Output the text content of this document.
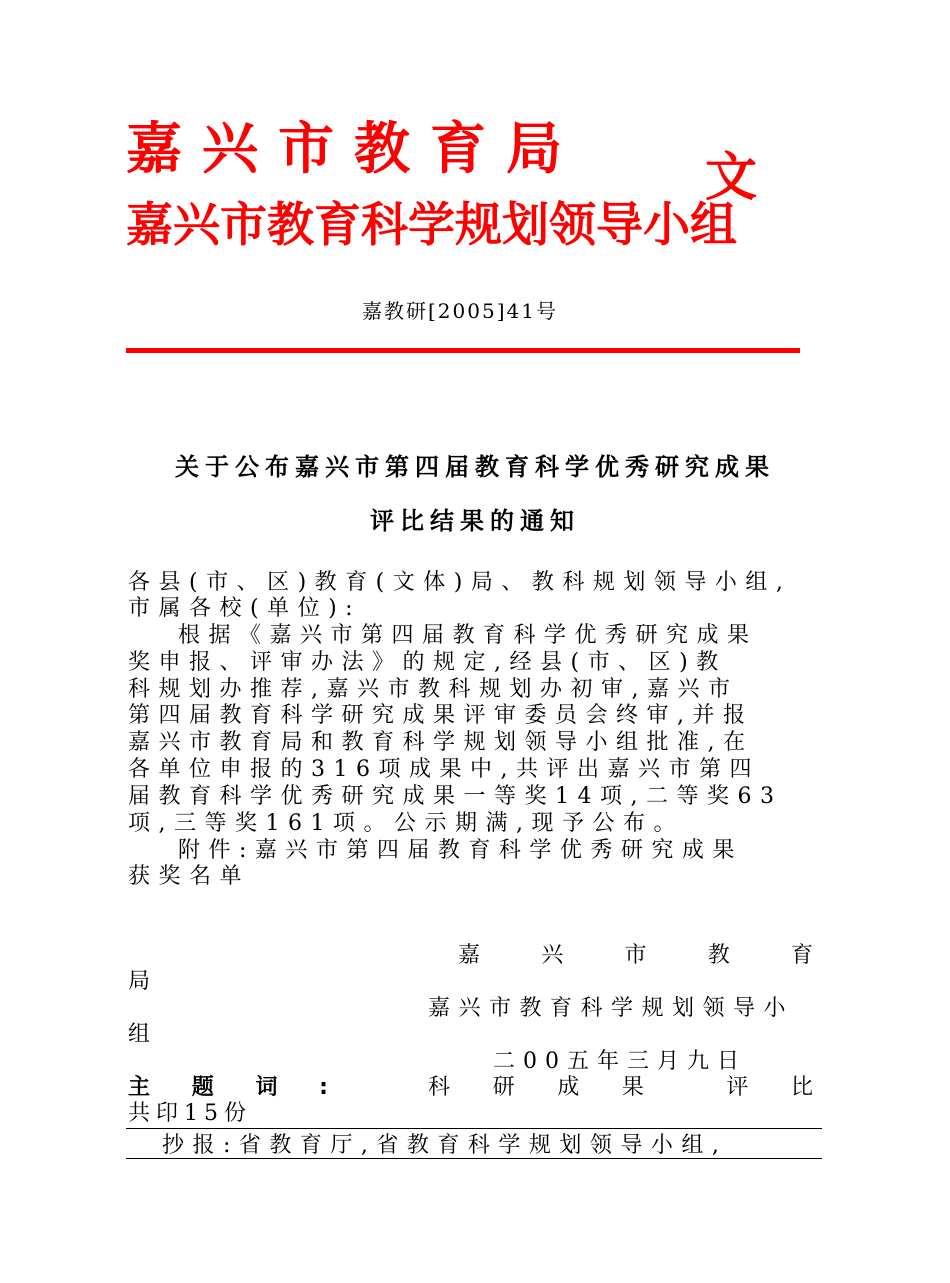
嘉兴市教育局
嘉兴市教育科学规划领导小组
文
嘉教研[2005]41号
关于公布嘉兴市第四届教育科学优秀研究成果
评比结果的通知
各县(市、区)教育(文体)局、教科规划领导小组,
市属各校(单位):
根据《嘉兴市第四届教育科学优秀研究成果
奖申报、评审办法》的规定,经县(市、区)教
科规划办推荐,嘉兴市教科规划办初审,嘉兴市
第四届教育科学研究成果评审委员会终审,并报
嘉兴市教育局和教育科学规划领导小组批准,在
各单位申报的316项成果中,共评出嘉兴市第四
届教育科学优秀研究成果一等奖14项,二等奖63
项,三等奖161项。公示期满,现予公布。
附件:嘉兴市第四届教育科学优秀研究成果
获奖名单
嘉	兴	市	教	育
局
嘉兴市教育科学规划领导小
组
二00五年三月九日
主 题 词 :	科 研 成 果	评 比
共印15份
抄报:省教育厅,省教育科学规划领导小组,
